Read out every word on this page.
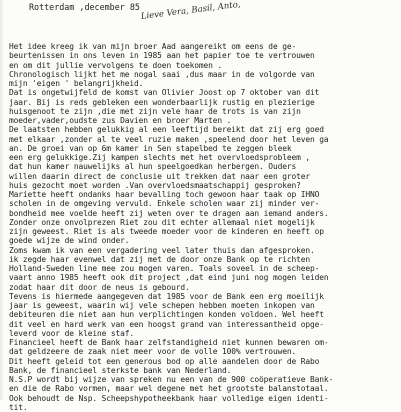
Rotterdam ,december 85 Lieve Vera, Basil, Anto,
Het idee kreeg ik van mijn broer Aad aangereikt om eens de ge-
beurtenissen in ons leven in 1985 aan het papier toe te vertrouwen
en om dit jullie vervolgens te doen toekomen .
Chronologisch lijkt het me nogal saai ,dus maar in de volgorde van
mijn 'eigen ' belangrijkheid.
Dat is ongetwijfeld de komst van Olivier Joost op 7 oktober van dit
jaar. Bij is reds gebleken een wonderbaarlijk rustig en plezierige
huisgenoot te zijn ,die met zijn vele haar de trots is van zijn
moeder,vader,oudste zus Davien en broer Marten .
De laatsten hebben gelukkig al een leeftijd bereikt dat zij erg goed
met elkaar ,zonder al te veel ruzie maken ,speelend door het leven ga
an. De groei van op 6m kamer in Sen stapelbed te zeggen bleek
een erg gelukkige.Zij kampen slechts met het overvloedsprobleem ,
dat hun kamer nauwelijks al hun speelgoedkan herbergen. Ouders
willen daarin direct de conclusie uit trekken dat naar een groter
huis gezocht moet worden .Van overvloedsmaatschappij gesproken?
Mariette heeft ondanks haar bevalling toch gewoon haar taak op IHNO
scholen in de omgeving vervuld. Enkele scholen waar zij minder ver-
bondheid mee voelde heeft zij weten over te dragen aan iemand anders.
Zonder onze onvolprezen Riet zou dit echter allemaal niet mogelijk
zijn geweest. Riet is als tweede moeder voor de kinderen en heeft op
goede wijze de wind onder.
Zoms kwam ik van een vergadering veel later thuis dan afgesproken.
ik zegde haar evenwel dat zij met de door onze Bank op te richten
Holland-Sweden line mee zou mogen varen. Toals soveel in de scheep-
vaart anno 1985 heeft ook dit project ,dat eind juni nog mogen leiden
zodat haar dit door de neus is gebourd.
Tevens is hiermede aangegeven dat 1985 voor de Bank een erg moeilijk
jaar is geweest, waarin wij vele schepen hebben moeten inkopen van
debiteuren die niet aan hun verplichtingen konden voldoen. Wel heeft
dit veel en hard werk van een hoogst grand van interessantheid opge-
leverd voor de kleine staf.
Financieel heeft de Bank haar zelfstandigheid niet kunnen bewaren om-
dat geldzeere de zaak niet meer voor de volle 100% vertrouwen.
Dit heeft geleid tot een generous bod op alle aandelen door de Rabo
Bank, de financieel sterkste bank van Nederland.
N.S.P wordt bij wijze van spreken nu een van de 900 coöperatieve Bank-
en die de Rabo vormen, maar wel degene met het grootste balanstotaal.
Ook behoudt de Nsp. Scheepshypotheekbank haar volledige eigen identi-
tit.
